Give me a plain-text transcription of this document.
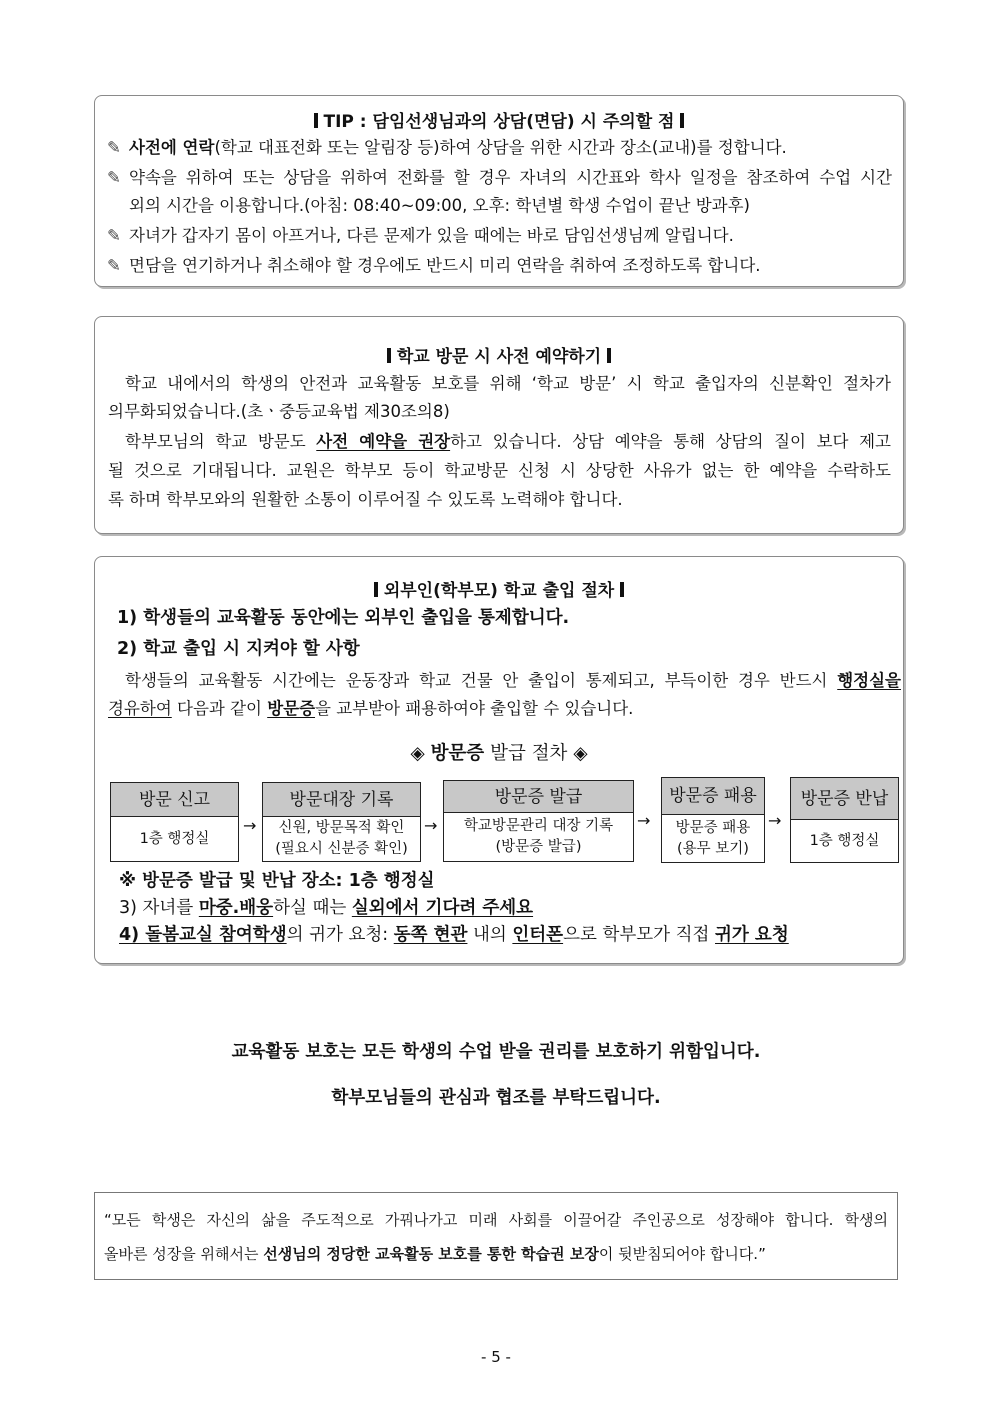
TIP : 담임선생님과의 상담(면담) 시 주의할 점
✎ 사전에 연락(학교 대표전화 또는 알림장 등)하여 상담을 위한 시간과 장소(교내)를 정합니다.
✎ 약속을 위하여 또는 상담을 위하여 전화를 할 경우 자녀의 시간표와 학사 일정을 참조하여 수업 시간
외의 시간을 이용합니다.(아침: 08:40~09:00, 오후: 학년별 학생 수업이 끝난 방과후)
✎ 자녀가 갑자기 몸이 아프거나, 다른 문제가 있을 때에는 바로 담임선생님께 알립니다.
✎ 면담을 연기하거나 취소해야 할 경우에도 반드시 미리 연락을 취하여 조정하도록 합니다.
학교 방문 시 사전 예약하기
학교 내에서의 학생의 안전과 교육활동 보호를 위해 ‘학교 방문’ 시 학교 출입자의 신분확인 절차가
의무화되었습니다.(초ㆍ중등교육법 제30조의8)
학부모님의 학교 방문도 사전 예약을 권장하고 있습니다. 상담 예약을 통해 상담의 질이 보다 제고
될 것으로 기대됩니다. 교원은 학부모 등이 학교방문 신청 시 상당한 사유가 없는 한 예약을 수락하도
록 하며 학부모와의 원활한 소통이 이루어질 수 있도록 노력해야 합니다.
외부인(학부모) 학교 출입 절차
1) 학생들의 교육활동 동안에는 외부인 출입을 통제합니다.
2) 학교 출입 시 지켜야 할 사항
학생들의 교육활동 시간에는 운동장과 학교 건물 안 출입이 통제되고, 부득이한 경우 반드시 행정실을
경유하여 다음과 같이 방문증을 교부받아 패용하여야 출입할 수 있습니다.
◈ 방문증 발급 절차 ◈
※ 방문증 발급 및 반납 장소: 1층 행정실
3) 자녀를 마중.배웅하실 때는 실외에서 기다려 주세요
4) 돌봄교실 참여학생의 귀가 요청: 동쪽 현관 내의 인터폰으로 학부모가 직접 귀가 요청
방문 신고
1층 행정실
→
방문대장 기록
신원, 방문목적 확인
(필요시 신분증 확인)
→
방문증 발급
학교방문관리 대장 기록
(방문증 발급)
→
방문증 패용
방문증 패용
(용무 보기)
→
방문증 반납
1층 행정실
교육활동 보호는 모든 학생의 수업 받을 권리를 보호하기 위함입니다.
학부모님들의 관심과 협조를 부탁드립니다.
“모든 학생은 자신의 삶을 주도적으로 가꿔나가고 미래 사회를 이끌어갈 주인공으로 성장해야 합니다. 학생의
올바른 성장을 위해서는 선생님의 정당한 교육활동 보호를 통한 학습권 보장이 뒷받침되어야 합니다.”
- 5 -
